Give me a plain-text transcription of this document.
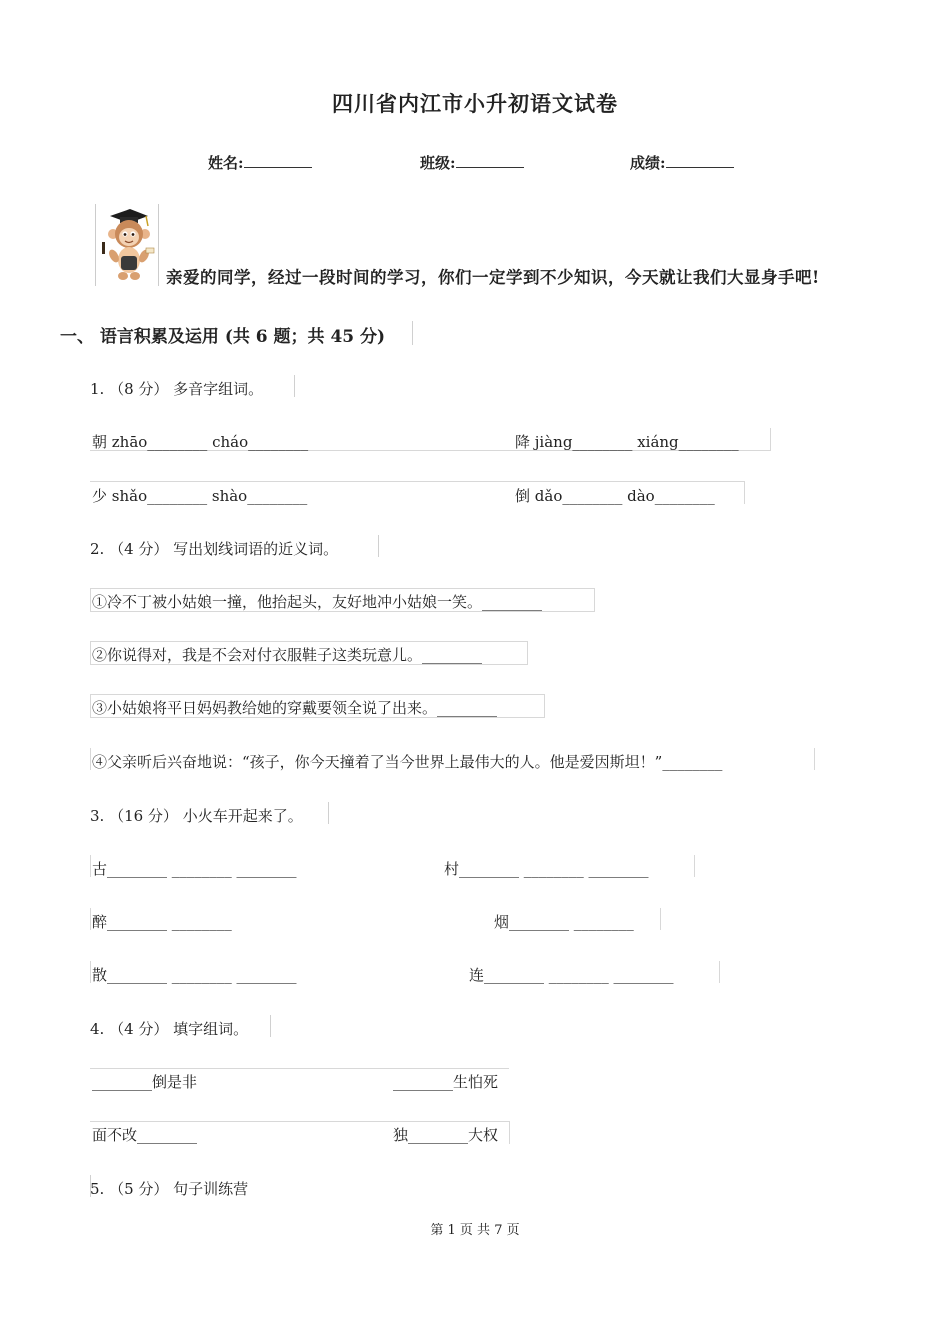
四川省内江市小升初语文试卷
姓名:	班级:	成绩:
亲爱的同学，经过一段时间的学习，你们一定学到不少知识，今天就让我们大显身手吧!
一、 语言积累及运用 (共 6 题；共 45 分)
1. （8 分） 多音字组词。
朝 zhāo________ cháo________	降 jiàng________ xiáng________
少 shǎo________ shào________	倒 dǎo________ dào________
2. （4 分） 写出划线词语的近义词。
①冷不丁被小姑娘一撞，他抬起头，友好地冲小姑娘一笑。________
②你说得对，我是不会对付衣服鞋子这类玩意儿。________
③小姑娘将平日妈妈教给她的穿戴要领全说了出来。________
④父亲听后兴奋地说：“孩子，你今天撞着了当今世界上最伟大的人。他是爱因斯坦！”________
3. （16 分） 小火车开起来了。
古________ ________ ________	村________ ________ ________
醉________ ________	烟________ ________
散________ ________ ________	连________ ________ ________
4. （4 分） 填字组词。
________倒是非	________生怕死
面不改________	独________大权
5. （5 分） 句子训练营
第 1 页 共 7 页
